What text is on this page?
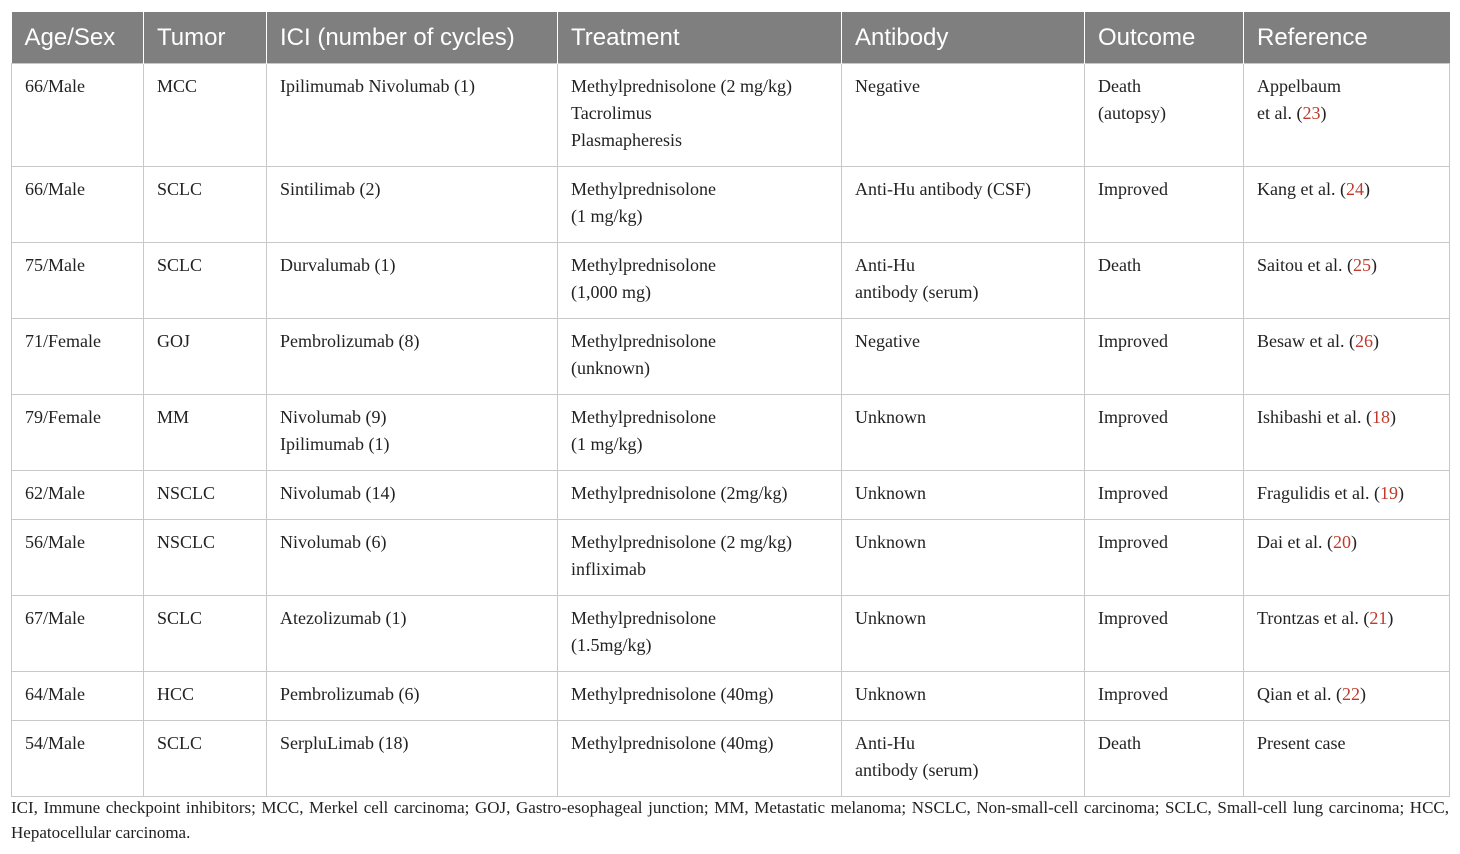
Age/Sex	Tumor	ICI (number of cycles)	Treatment	Antibody	Outcome	Reference
66/Male	MCC	Ipilimumab Nivolumab (1)	Methylprednisolone (2 mg/kg)
Tacrolimus
Plasmapheresis	Negative	Death
(autopsy)	Appelbaum
et al. (23)

66/Male	SCLC	Sintilimab (2)	Methylprednisolone
(1 mg/kg)	Anti-Hu antibody (CSF)	Improved	Kang et al. (24)

75/Male	SCLC	Durvalumab (1)	Methylprednisolone
(1,000 mg)	Anti-Hu
antibody (serum)	Death	Saitou et al. (25)

71/Female	GOJ	Pembrolizumab (8)	Methylprednisolone
(unknown)	Negative	Improved	Besaw et al. (26)

79/Female	MM	Nivolumab (9)
Ipilimumab (1)	Methylprednisolone
(1 mg/kg)	Unknown	Improved	Ishibashi et al. (18)

62/Male	NSCLC	Nivolumab (14)	Methylprednisolone (2mg/kg)	Unknown	Improved	Fragulidis et al. (19)

56/Male	NSCLC	Nivolumab (6)	Methylprednisolone (2 mg/kg)
infliximab	Unknown	Improved	Dai et al. (20)

67/Male	SCLC	Atezolizumab (1)	Methylprednisolone
(1.5mg/kg)	Unknown	Improved	Trontzas et al. (21)

64/Male	HCC	Pembrolizumab (6)	Methylprednisolone (40mg)	Unknown	Improved	Qian et al. (22)

54/Male	SCLC	SerpluLimab (18)	Methylprednisolone (40mg)	Anti-Hu
antibody (serum)	Death	Present case
ICI, Immune checkpoint inhibitors; MCC, Merkel cell carcinoma; GOJ, Gastro-esophageal junction; MM, Metastatic melanoma; NSCLC, Non-small-cell carcinoma; SCLC, Small-cell lung carcinoma; HCC, Hepatocellular carcinoma.
